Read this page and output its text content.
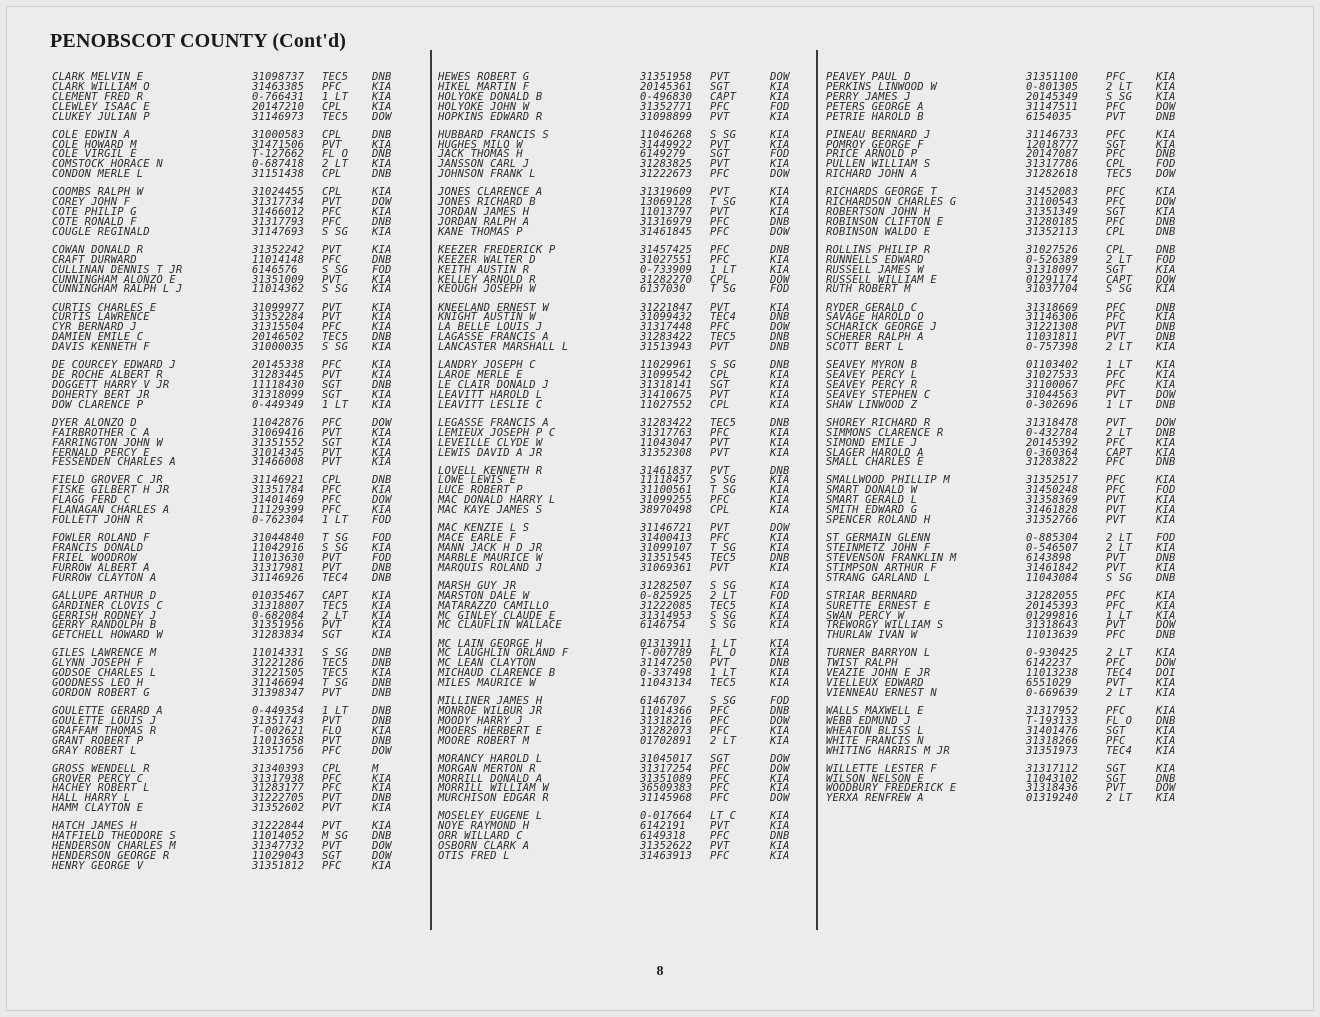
PENOBSCOT COUNTY (Cont'd)
CLARK MELVIN E	31098737 TEC5 DNB
CLARK WILLIAM O	31463385 PFC	KIA
CLEMENT FRED R	0-766431 1 LT KIA
CLEWLEY ISAAC E	20147210 CPL	KIA
CLUKEY JULIAN P	31146973 TEC5 DOW
COLE EDWIN A	31000583 CPL	DNB
COLE HOWARD M	31471506 PVT	KIA
COLE VIRGIL E	T-127662 FL O DNB
COMSTOCK HORACE N	0-687418 2 LT KIA
CONDON MERLE L	31151438 CPL	DNB
COOMBS RALPH W	31024455 CPL	KIA
COREY JOHN F	31317734 PVT	DOW
COTE PHILIP G	31466012 PFC	KIA
COTE RONALD F	31317793 PFC	DNB
COUGLE REGINALD	31147693 S SG KIA
COWAN DONALD R	31352242 PVT	KIA
CRAFT DURWARD	11014148 PFC	DNB
CULLINAN DENNIS T JR	6146576 S SG FOD
CUNNINGHAM ALONZO E	31351009 PVT	KIA
CUNNINGHAM RALPH L J	11014362 S SG KIA
CURTIS CHARLES E	31099977 PVT	KIA
CURTIS LAWRENCE	31352284 PVT	KIA
CYR BERNARD J	31315504 PFC	KIA
DAMIEN EMILE C	20146502 TEC5 DNB
DAVIS KENNETH F	31000035 S SG KIA
DE COURCEY EDWARD J	20145338 PFC	KIA
DE ROCHE ALBERT R	31283445 PVT	KIA
DOGGETT HARRY V JR	11118430 SGT	DNB
DOHERTY BERT JR	31318099 SGT	KIA
DOW CLARENCE P	0-449349 1 LT KIA
DYER ALONZO D	11042876 PFC	DOW
FAIRBROTHER C A	31069416 PVT	KIA
FARRINGTON JOHN W	31351552 SGT	KIA
FERNALD PERCY E	31014345 PVT	KIA
FESSENDEN CHARLES A	31466008 PVT	KIA
FIELD GROVER C JR	31146921 CPL	DNB
FISKE GILBERT H JR	31351784 PFC	KIA
FLAGG FERD C	31401469 PFC	DOW
FLANAGAN CHARLES A	11129399 PFC	KIA
FOLLETT JOHN R	0-762304 1 LT FOD
FOWLER ROLAND F	31044840 T SG FOD
FRANCIS DONALD	11042916 S SG KIA
FRIEL WOODROW	11013630 PVT	FOD
FURROW ALBERT A	31317981 PVT	DNB
FURROW CLAYTON A	31146926 TEC4 DNB
GALLUPE ARTHUR D	01035467 CAPT KIA
GARDINER CLOVIS C	31318807 TEC5 KIA
GERRISH RODNEY J	0-682084 2 LT KIA
GERRY RANDOLPH B	31351956 PVT	KIA
GETCHELL HOWARD W	31283834 SGT	KIA
GILES LAWRENCE M	11014331 S SG DNB
GLYNN JOSEPH F	31221286 TEC5 DNB
GODSOE CHARLES L	31221505 TEC5 KIA
GOODNESS LEO H	31146694 T SG DNB
GORDON ROBERT G	31398347 PVT	DNB
GOULETTE GERARD A	0-449354 1 LT DNB
GOULETTE LOUIS J	31351743 PVT	DNB
GRAFFAM THOMAS R	T-002621 FLO	KIA
GRANT ROBERT P	11013658 PVT	DNB
GRAY ROBERT L	31351756 PFC	DOW
GROSS WENDELL R	31340393 CPL	M
GROVER PERCY C	31317938 PFC	KIA
HACHEY ROBERT L	31283177 PFC	KIA
HALL HARRY L	31222705 PVT	DNB
HAMM CLAYTON E	31352602 PVT	KIA
HATCH JAMES H	31222844 PVT	KIA
HATFIELD THEODORE S	11014052 M SG DNB
HENDERSON CHARLES M	31347732 PVT	DOW
HENDERSON GEORGE R	11029043 SGT	DOW
HENRY GEORGE V	31351812 PFC	KIA
HEWES ROBERT G	31351958 PVT	DOW
HIKEL MARTIN F	20145361 SGT	KIA
HOLYOKE DONALD B	0-496830 CAPT	KIA
HOLYOKE JOHN W	31352771 PFC	FOD
HOPKINS EDWARD R	31098899 PVT	KIA
HUBBARD FRANCIS S	11046268 S SG	KIA
HUGHES MILO W	31449922 PVT	KIA
JACK THOMAS H	6149279 SGT	FOD
JANSSON CARL J	31283825 PVT	KIA
JOHNSON FRANK L	31222673 PFC	DOW
JONES CLARENCE A	31319609 PVT	KIA
JONES RICHARD B	13069128 T SG	KIA
JORDAN JAMES H	11013797 PVT	KIA
JORDAN RALPH A	31316979 PFC	DNB
KANE THOMAS P	31461845 PFC	DOW
KEEZER FREDERICK P	31457425 PFC	DNB
KEEZER WALTER D	31027551 PFC	KIA
KEITH AUSTIN R	0-733909 1 LT	KIA
KELLEY ARNOLD R	31282270 CPL	DOW
KEOUGH JOSEPH W	6137030 T SG	FOD
KNEELAND ERNEST W	31221847 PVT	KIA
KNIGHT AUSTIN W	31099432 TEC4	DNB
LA BELLE LOUIS J	31317448 PFC	DOW
LAGASSE FRANCIS A	31283422 TEC5	DNB
LANCASTER MARSHALL L	31513943 PVT	DNB
LANDRY JOSEPH C	11029961 S SG	DNB
LAROE MERLE E	31099542 CPL	KIA
LE CLAIR DONALD J	31318141 SGT	KIA
LEAVITT HAROLD L	31410675 PVT	KIA
LEAVITT LESLIE C	11027552 CPL	KIA
LEGASSE FRANCIS A	31283422 TEC5	DNB
LEMIEUX JOSEPH P C	31317763 PFC	KIA
LEVEILLE CLYDE W	11043047 PVT	KIA
LEWIS DAVID A JR	31352308 PVT	KIA
LOVELL KENNETH R	31461837 PVT	DNB
LOWE LEWIS E	11118457 S SG	KIA
LUCE ROBERT P	31100561 T SG	KIA
MAC DONALD HARRY L	31099255 PFC	KIA
MAC KAYE JAMES S	38970498 CPL	KIA
MAC KENZIE L S	31146721 PVT	DOW
MACE EARLE F	31400413 PFC	KIA
MANN JACK H D JR	31099107 T SG	KIA
MARBLE MAURICE W	31351545 TEC5	DNB
MARQUIS ROLAND J	31069361 PVT	KIA
MARSH GUY JR	31282507 S SG	KIA
MARSTON DALE W	0-825925 2 LT	FOD
MATARAZZO CAMILLO	31222085 TEC5	KIA
MC GINLEY CLAUDE E	31314953 S SG	KIA
MC CLAUFLIN WALLACE	6146754 S SG	KIA
MC LAIN GEORGE H	01313911 1 LT	KIA
MC LAUGHLIN ORLAND F	T-007789 FL O	KIA
MC LEAN CLAYTON	31147250 PVT	DNB
MICHAUD CLARENCE B	0-337498 1 LT	KIA
MILES MAURICE W	11043134 TEC5	KIA
MILLINER JAMES H	6146707 S SG	FOD
MONROE WILBUR JR	11014366 PFC	DNB
MOODY HARRY J	31318216 PFC	DOW
MOOERS HERBERT E	31282073 PFC	KIA
MOORE ROBERT M	01702891 2 LT	KIA
MORANCY HAROLD L	31045017 SGT	DOW
MORGAN MERTON R	31317254 PFC	DOW
MORRILL DONALD A	31351089 PFC	KIA
MORRILL WILLIAM W	36509383 PFC	KIA
MURCHISON EDGAR R	31145968 PFC	DOW
MOSELEY EUGENE L	0-017664 LT C	KIA
NOYE RAYMOND H	6142191 PVT	KIA
ORR WILLARD C	6149318 PFC	DNB
OSBORN CLARK A	31352622 PVT	KIA
OTIS FRED L	31463913 PFC	KIA
PEAVEY PAUL D	31351100	PFC	KIA
PERKINS LINWOOD W	0-801305	2 LT KIA
PERRY JAMES J	20145349	S SG KIA
PETERS GEORGE A	31147511	PFC	DOW
PETRIE HAROLD B	6154035	PVT	DNB
PINEAU BERNARD J	31146733	PFC	KIA
POMROY GEORGE F	12018777	SGT	KIA
PRICE ARNOLD P	20147087	PFC	DNB
PULLEN WILLIAM S	31317786	CPL	FOD
RICHARD JOHN A	31282618	TEC5 DOW
RICHARDS GEORGE T	31452083	PFC	KIA
RICHARDSON CHARLES G	31100543	PFC	DOW
ROBERTSON JOHN H	31351349	SGT	KIA
ROBINSON CLIFTON E	31280185	PFC	DNB
ROBINSON WALDO E	31352113	CPL	DNB
ROLLINS PHILIP R	31027526	CPL	DNB
RUNNELLS EDWARD	0-526389	2 LT FOD
RUSSELL JAMES W	31318097	SGT	KIA
RUSSELL WILLIAM E	01291174	CAPT DOW
RUTH ROBERT M	31037704	S SG KIA
RYDER GERALD C	31318669	PFC	DNB
SAVAGE HAROLD O	31146306	PFC	KIA
SCHARICK GEORGE J	31221308	PVT	DNB
SCHERER RALPH A	11031811	PVT	DNB
SCOTT BERT L	0-757398	2 LT KIA
SEAVEY MYRON B	01103402	1 LT KIA
SEAVEY PERCY L	31027533	PFC	KIA
SEAVEY PERCY R	31100067	PFC	KIA
SEAVEY STEPHEN C	31044563	PVT	DOW
SHAW LINWOOD Z	0-302696	1 LT DNB
SHOREY RICHARD R	31318478	PVT	DOW
SIMMONS CLARENCE R	0-432784	2 LT DNB
SIMOND EMILE J	20145392	PFC	KIA
SLAGER HAROLD A	0-360364	CAPT KIA
SMALL CHARLES E	31283822	PFC	DNB
SMALLWOOD PHILLIP M	31352517	PFC	KIA
SMART DONALD W	31450248	PFC	FOD
SMART GERALD L	31358369	PVT	KIA
SMITH EDWARD G	31461828	PVT	KIA
SPENCER ROLAND H	31352766	PVT	KIA
ST GERMAIN GLENN	0-885304	2 LT FOD
STEINMETZ JOHN F	0-546507	2 LT KIA
STEVENSON FRANKLIN M	6143898	PVT	DNB
STIMPSON ARTHUR F	31461842	PVT	KIA
STRANG GARLAND L	11043084	S SG DNB
STRIAR BERNARD	31282055	PFC	KIA
SURETTE ERNEST E	20145393	PFC	KIA
SWAN PERCY W	01299816	1 LT KIA
TREWORGY WILLIAM S	31318643	PVT	DOW
THURLAW IVAN W	11013639	PFC	DNB
TURNER BARRYON L	0-930425	2 LT KIA
TWIST RALPH	6142237	PFC	DOW
VEAZIE JOHN E JR	11013238	TEC4 DOI
VIELLEUX EDWARD	6551029	PVT	KIA
VIENNEAU ERNEST N	0-669639	2 LT KIA
WALLS MAXWELL E	31317952	PFC	KIA
WEBB EDMUND J	T-193133	FL O DNB
WHEATON BLISS L	31401476	SGT	KIA
WHITE FRANCIS N	31318266	PFC	KIA
WHITING HARRIS M JR	31351973	TEC4 KIA
WILLETTE LESTER F	31317112	SGT	KIA
WILSON NELSON E	11043102	SGT	DNB
WOODBURY FREDERICK E	31318436	PVT	DOW
YERXA RENFREW A	01319240	2 LT KIA
8
